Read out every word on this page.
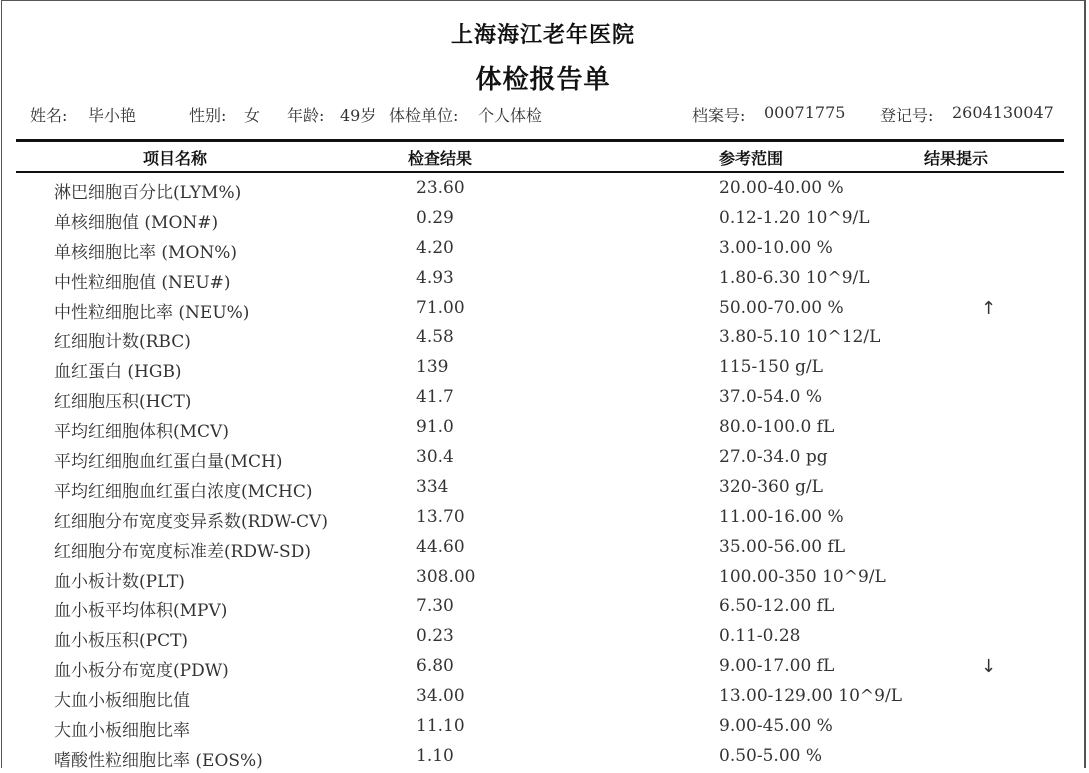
上海海江老年医院
体检报告单
姓名: 毕小艳	性别: 女 年龄: 49岁 体检单位: 个人体检	档案号: 00071775 登记号: 2604130047
项目名称	检查结果	参考范围	结果提示
淋巴细胞百分比(LYM%)	23.60	20.00-40.00 %
单核细胞值 (MON#)	0.29	0.12-1.20 10^9/L
单核细胞比率 (MON%)	4.20	3.00-10.00 %
中性粒细胞值 (NEU#)	4.93	1.80-6.30 10^9/L
中性粒细胞比率 (NEU%)	71.00	50.00-70.00 %	↑
红细胞计数(RBC)	4.58	3.80-5.10 10^12/L
血红蛋白 (HGB)	139	115-150 g/L
红细胞压积(HCT)	41.7	37.0-54.0 %
平均红细胞体积(MCV)	91.0	80.0-100.0 fL
平均红细胞血红蛋白量(MCH)	30.4	27.0-34.0 pg
平均红细胞血红蛋白浓度(MCHC)	334	320-360 g/L
红细胞分布宽度变异系数(RDW-CV)	13.70	11.00-16.00 %
红细胞分布宽度标准差(RDW-SD)	44.60	35.00-56.00 fL
血小板计数(PLT)	308.00	100.00-350 10^9/L
血小板平均体积(MPV)	7.30	6.50-12.00 fL
血小板压积(PCT)	0.23	0.11-0.28
血小板分布宽度(PDW)	6.80	9.00-17.00 fL	↓
大血小板细胞比值	34.00	13.00-129.00 10^9/L
大血小板细胞比率	11.10	9.00-45.00 %
嗜酸性粒细胞比率 (EOS%)	1.10	0.50-5.00 %
